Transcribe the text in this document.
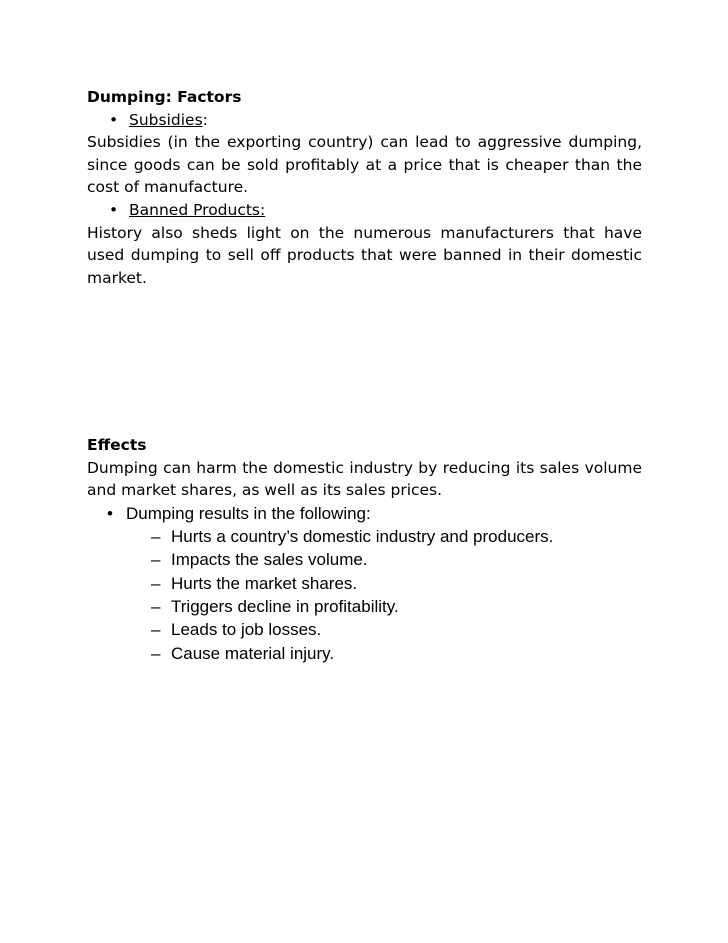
Dumping: Factors
• Subsidies:
Subsidies (in the exporting country) can lead to aggressive dumping, since goods can be sold profitably at a price that is cheaper than the cost of manufacture.
• Banned Products:
History also sheds light on the numerous manufacturers that have used dumping to sell off products that were banned in their domestic market.
Effects
Dumping can harm the domestic industry by reducing its sales volume and market shares, as well as its sales prices.
• Dumping results in the following:
– Hurts a country’s domestic industry and producers.
– Impacts the sales volume.
– Hurts the market shares.
– Triggers decline in profitability.
– Leads to job losses.
– Cause material injury.
